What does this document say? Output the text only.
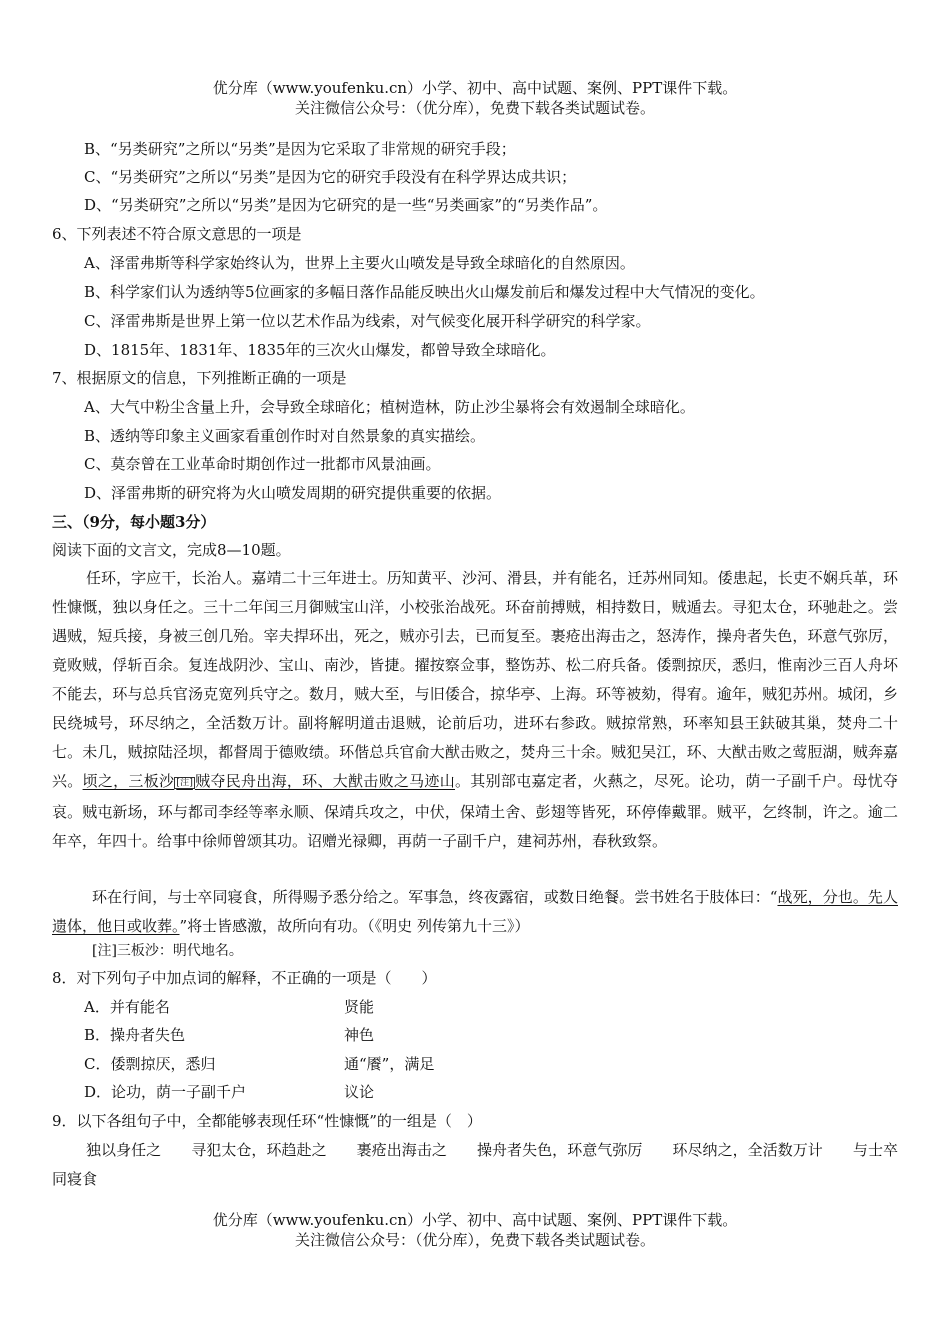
优分库（www.youfenku.cn）小学、初中、高中试题、案例、PPT课件下载。
关注微信公众号：（优分库），免费下载各类试题试卷。
B、“另类研究”之所以“另类”是因为它采取了非常规的研究手段；
C、“另类研究”之所以“另类”是因为它的研究手段没有在科学界达成共识；
D、“另类研究”之所以“另类”是因为它研究的是一些“另类画家”的“另类作品”。
6、下列表述不符合原文意思的一项是
A、泽雷弗斯等科学家始终认为，世界上主要火山喷发是导致全球暗化的自然原因。
B、科学家们认为透纳等5位画家的多幅日落作品能反映出火山爆发前后和爆发过程中大气情况的变化。
C、泽雷弗斯是世界上第一位以艺术作品为线索，对气候变化展开科学研究的科学家。
D、1815年、1831年、1835年的三次火山爆发，都曾导致全球暗化。
7、根据原文的信息，下列推断正确的一项是
A、大气中粉尘含量上升，会导致全球暗化；植树造林，防止沙尘暴将会有效遏制全球暗化。
B、透纳等印象主义画家看重创作时对自然景象的真实描绘。
C、莫奈曾在工业革命时期创作过一批都市风景油画。
D、泽雷弗斯的研究将为火山喷发周期的研究提供重要的依据。
三、（9分，每小题3分）
阅读下面的文言文，完成8—10题。
任环，字应干，长治人。嘉靖二十三年进士。历知黄平、沙河、滑县，并有能名，迁苏州同知。倭患起，长吏不娴兵革，环性慷慨，独以身任之。三十二年闰三月御贼宝山洋，小校张治战死。环奋前搏贼，相持数日，贼遁去。寻犯太仓，环驰赴之。尝遇贼，短兵接，身被三创几殆。宰夫捍环出，死之，贼亦引去，已而复至。裹疮出海击之，怒涛作，操舟者失色，环意气弥厉，竟败贼，俘斩百余。复连战阴沙、宝山、南沙，皆捷。擢按察佥事，整饬苏、松二府兵备。倭剽掠厌，悉归，惟南沙三百人舟坏不能去，环与总兵官汤克宽列兵守之。数月，贼大至，与旧倭合，掠华亭、上海。环等被劾，得宥。逾年，贼犯苏州。城闭，乡民绕城号，环尽纳之，全活数万计。副将解明道击退贼，论前后功，进环右参政。贼掠常熟，环率知县王鈇破其巢，焚舟二十七。未几，贼掠陆泾坝，都督周于德败绩。环偕总兵官俞大猷击败之，焚舟三十余。贼犯吴江，环、大猷击败之莺脰湖，贼奔嘉兴。顷之，三板沙 [注] 贼夺民舟出海，环、大猷击败之马迹山。其别部屯嘉定者，火爇之，尽死。论功，荫一子副千户。母忧夺哀。贼屯新场，环与都司李经等率永顺、保靖兵攻之，中伏，保靖土舍、彭翅等皆死，环停俸戴罪。贼平，乞终制，许之。逾二年卒，年四十。给事中徐师曾颂其功。诏赠光禄卿，再荫一子副千户，建祠苏州，春秋致祭。
环在行间，与士卒同寝食，所得赐予悉分给之。军事急，终夜露宿，或数日绝餐。尝书姓名于肢体曰：“战死，分也。先人遗体，他日或收葬。”将士皆感激，故所向有功。（《明史 列传第九十三》）
[注]三板沙：明代地名。
8．对下列句子中加点词的解释，不正确的一项是（　　）
A．并有能名	贤能
B．操舟者失色	神色
C．倭剽掠厌，悉归	通“餍”，满足
D．论功，荫一子副千户	议论
9．以下各组句子中，全都能够表现任环“性慷慨”的一组是（　）
独以身任之　　寻犯太仓，环趋赴之　　裹疮出海击之　　操舟者失色，环意气弥厉　　环尽纳之，全活数万计　　与士卒同寝食
优分库（www.youfenku.cn）小学、初中、高中试题、案例、PPT课件下载。
关注微信公众号：（优分库），免费下载各类试题试卷。
